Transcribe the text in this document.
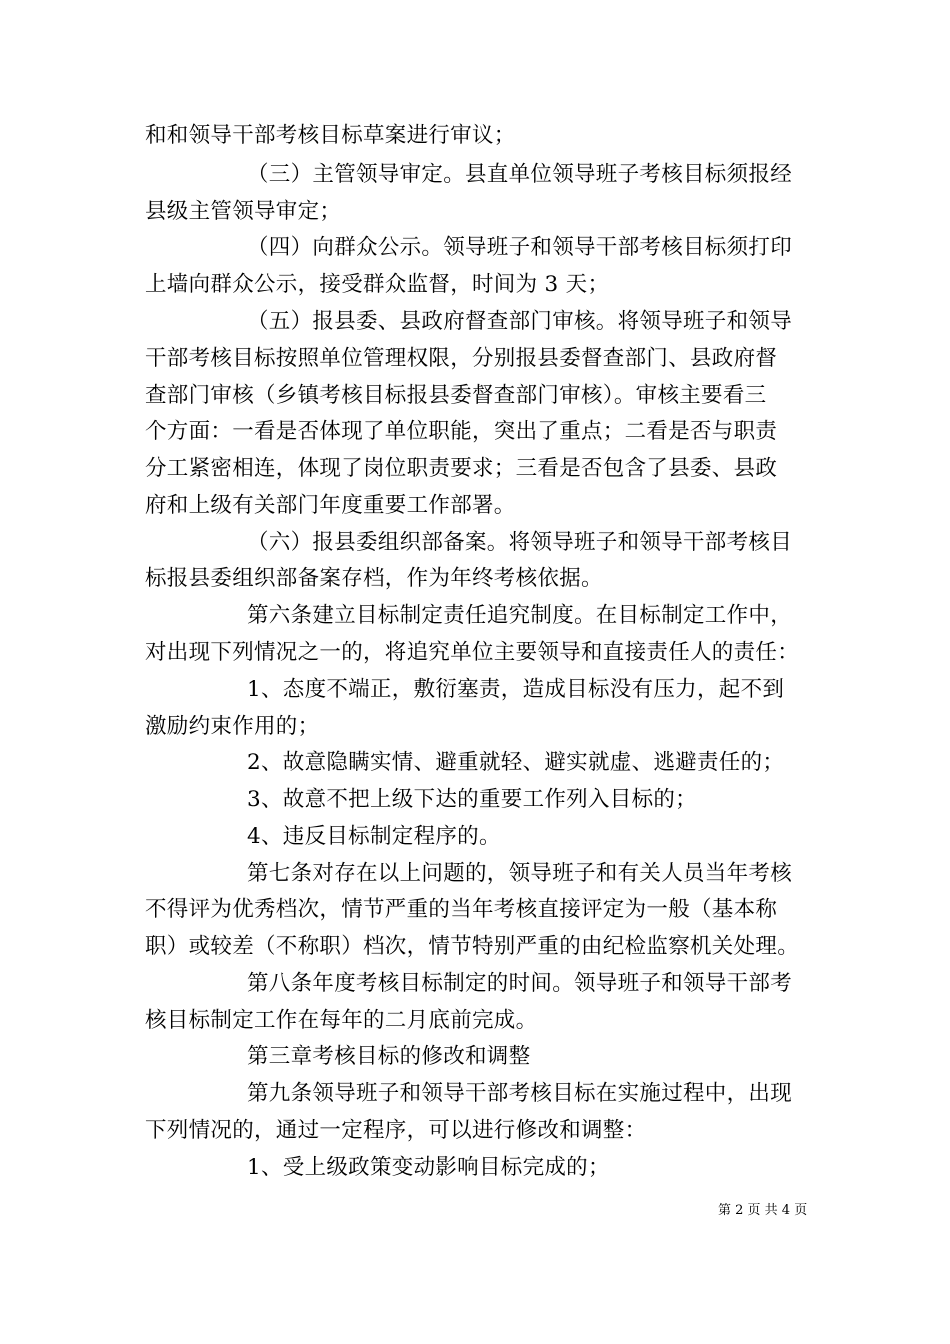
和和领导干部考核目标草案进行审议；
（三）主管领导审定。县直单位领导班子考核目标须报经
县级主管领导审定；
（四）向群众公示。领导班子和领导干部考核目标须打印
上墙向群众公示，接受群众监督，时间为 3 天；
（五）报县委、县政府督查部门审核。将领导班子和领导
干部考核目标按照单位管理权限，分别报县委督查部门、县政府督
查部门审核（乡镇考核目标报县委督查部门审核）。审核主要看三
个方面：一看是否体现了单位职能，突出了重点；二看是否与职责
分工紧密相连，体现了岗位职责要求；三看是否包含了县委、县政
府和上级有关部门年度重要工作部署。
（六）报县委组织部备案。将领导班子和领导干部考核目
标报县委组织部备案存档，作为年终考核依据。
第六条建立目标制定责任追究制度。在目标制定工作中，
对出现下列情况之一的，将追究单位主要领导和直接责任人的责任：
1、态度不端正，敷衍塞责，造成目标没有压力，起不到
激励约束作用的；
2、故意隐瞒实情、避重就轻、避实就虚、逃避责任的；
3、故意不把上级下达的重要工作列入目标的；
4、违反目标制定程序的。
第七条对存在以上问题的，领导班子和有关人员当年考核
不得评为优秀档次，情节严重的当年考核直接评定为一般（基本称
职）或较差（不称职）档次，情节特别严重的由纪检监察机关处理。
第八条年度考核目标制定的时间。领导班子和领导干部考
核目标制定工作在每年的二月底前完成。
第三章考核目标的修改和调整
第九条领导班子和领导干部考核目标在实施过程中，出现
下列情况的，通过一定程序，可以进行修改和调整：
1、受上级政策变动影响目标完成的；
第 2 页 共 4 页
